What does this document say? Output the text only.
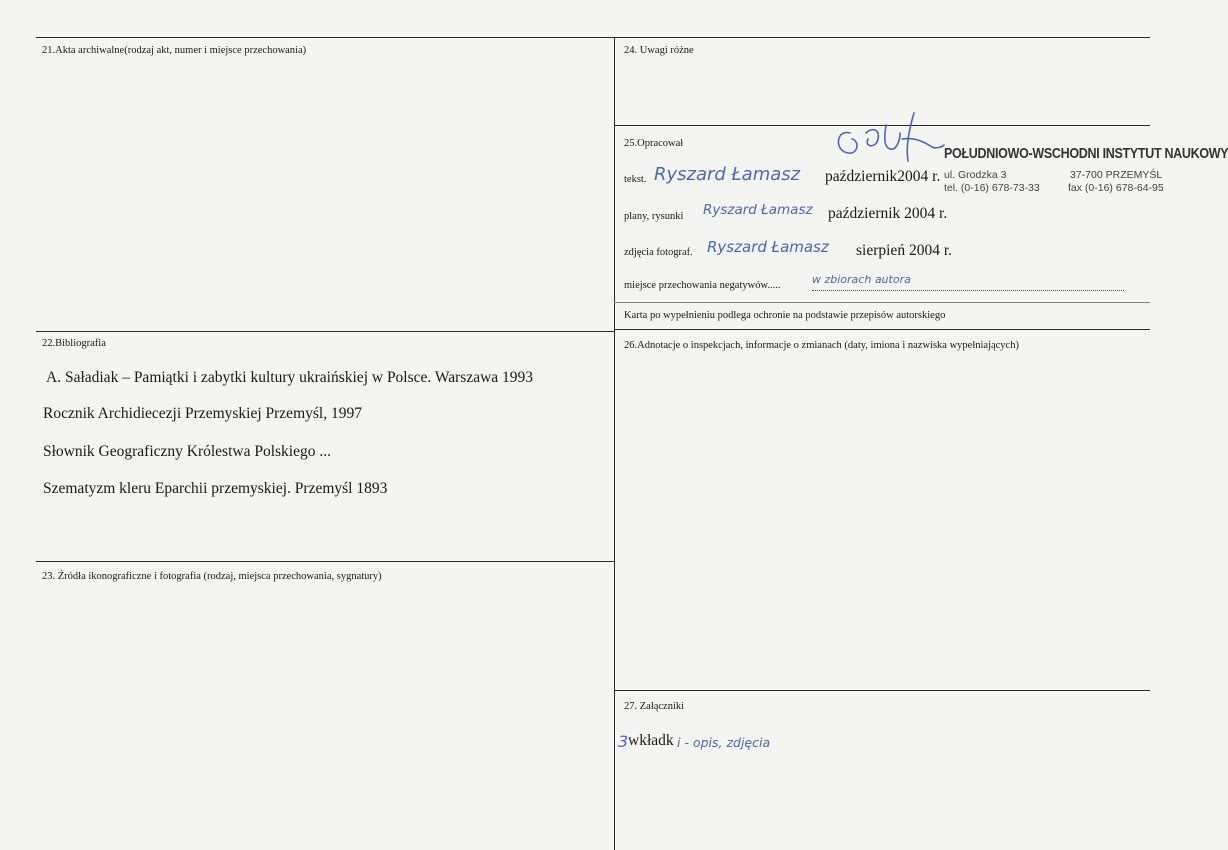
21.Akta archiwalne(rodzaj akt, numer i miejsce przechowania)
22.Bibliografia
A. Saładiak – Pamiątki i zabytki kultury ukraińskiej w Polsce. Warszawa 1993
Rocznik Archidiecezji Przemyskiej Przemyśl, 1997
Słownik Geograficzny Królestwa Polskiego ...
Szematyzm kleru Eparchii przemyskiej. Przemyśl 1893
23. Źródła ikonograficzne i fotografia (rodzaj, miejsca przechowania, sygnatury)
24. Uwagi różne
25.Opracował
tekst. Ryszard Łamasz październik2004 r.
plany, rysunki Ryszard Łamasz październik 2004 r.
zdjęcia fotograf. Ryszard Łamasz sierpień 2004 r.
miejsce przechowania negatywów.....	w zbiorach autora
Karta po wypełnieniu podlega ochronie na podstawie przepisów autorskiego
POŁUDNIOWO-WSCHODNI INSTYTUT NAUKOWY
ul. Grodzka 3	37-700 PRZEMYŚL
tel. (0-16) 678-73-33	fax (0-16) 678-64-95
26.Adnotacje o inspekcjach, informacje o zmianach (daty, imiona i nazwiska wypełniających)
27. Załączniki
3 wkładk i - opis, zdjęcia
